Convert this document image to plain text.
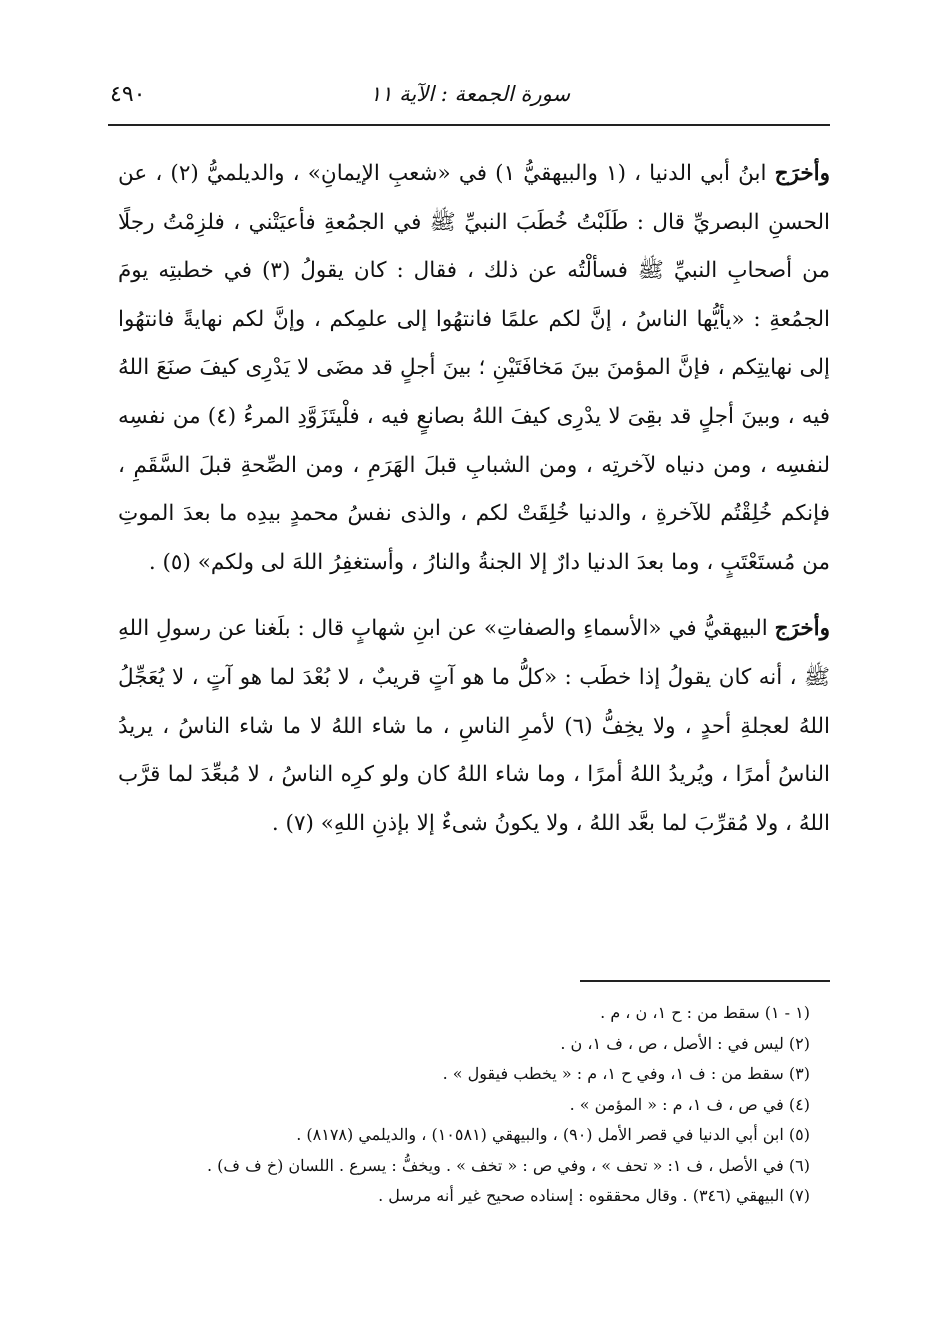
٤٩٠	سورة الجمعة : الآية ١١

وأخرَج ابنُ أبي الدنيا ، (١ والبيهقيُّ ١) في «شعبِ الإيمانِ» ، والديلميُّ (٢) ، عن الحسنِ البصريِّ قال : طَلَبْتُ خُطَبَ النبيِّ ﷺ في الجمُعةِ فأعيَتْني ، فلزِمْتُ رجلًا من أصحابِ النبيِّ ﷺ فسألْتُه عن ذلك ، فقال : كان يقولُ (٣) في خطبتِه يومَ الجمُعةِ : «يأيُّها الناسُ ، إنَّ لكم علمًا فانتهُوا إلى علمِكم ، وإنَّ لكم نهايةً فانتهُوا إلى نهايتِكم ، فإنَّ المؤمنَ بينَ مَخافَتَيْنِ ؛ بينَ أجلٍ قد مضَى لا يَدْرِى كيفَ صنَعَ اللهُ فيه ، وبينَ أجلٍ قد بقِىَ لا يدْرِى كيفَ اللهُ بصانعٍ فيه ، فلْيتَزَوَّدِ المرءُ (٤) من نفسِه لنفسِه ، ومن دنياه لآخرتِه ، ومن الشبابِ قبلَ الهَرَمِ ، ومن الصِّحةِ قبلَ السَّقَمِ ، فإنكم خُلِقْتُم للآخرةِ ، والدنيا خُلِقَتْ لكم ، والذى نفسُ محمدٍ بيدِه ما بعدَ الموتِ من مُستَعْتَبٍ ، وما بعدَ الدنيا دارٌ إلا الجنةُ والنارُ ، وأستغفِرُ اللهَ لى ولكم» (٥) .

وأخرَج البيهقيُّ في «الأسماءِ والصفاتِ» عن ابنِ شهابٍ قال : بلَغنا عن رسولِ اللهِ ﷺ ، أنه كان يقولُ إذا خطَب : «كلُّ ما هو آتٍ قريبٌ ، لا بُعْدَ لما هو آتٍ ، لا يُعَجِّلُ اللهُ لعجلةِ أحدٍ ، ولا يخِفُّ (٦) لأمرِ الناسِ ، ما شاء اللهُ لا ما شاء الناسُ ، يريدُ الناسُ أمرًا ، ويُريدُ اللهُ أمرًا ، وما شاء اللهُ كان ولو كرِه الناسُ ، لا مُبعِّدَ لما قرَّب اللهُ ، ولا مُقرِّبَ لما بعَّد اللهُ ، ولا يكونُ شىءٌ إلا بإذنِ اللهِ» (٧) .

(١ - ١) سقط من : ح ١، ن ، م .
(٢) ليس في : الأصل ، ص ، ف ١، ن .
(٣) سقط من : ف ١، وفي ح ١، م : « يخطب فيقول » .
(٤) في ص ، ف ١، م : « المؤمن » .
(٥) ابن أبي الدنيا في قصر الأمل (٩٠) ، والبيهقي (١٠٥٨١) ، والديلمي (٨١٧٨) .
(٦) في الأصل ، ف ١: « تحف » ، وفي ص : « تخف » . ويخفُّ : يسرع . اللسان (خ ف ف) .
(٧) البيهقي (٣٤٦) . وقال محققوه : إسناده صحيح غير أنه مرسل .
